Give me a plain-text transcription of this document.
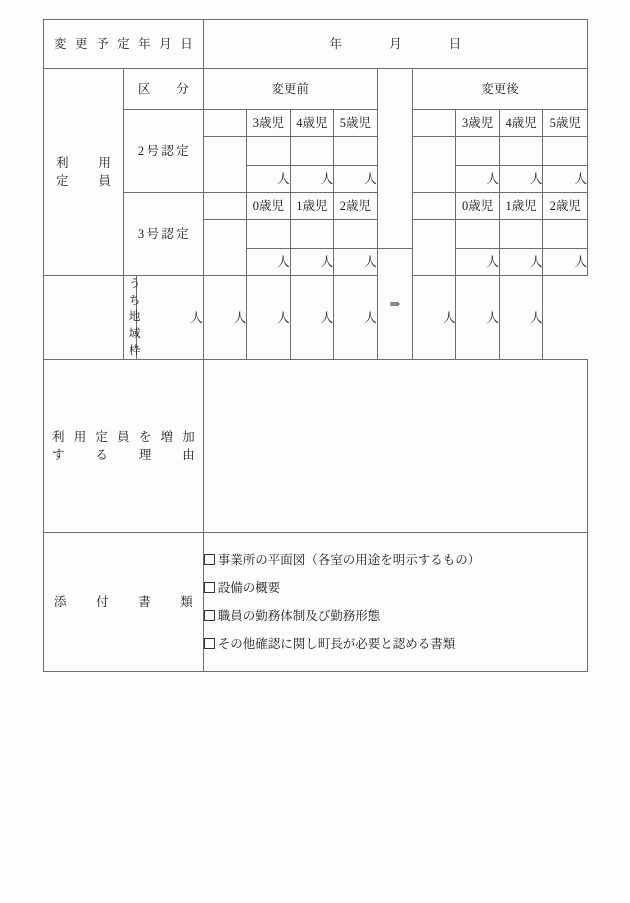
変更予定年月日			年 月 日								

利用
定員	区　分		変更前					変更後			

	2号認定			3歳児	4歳児	5歳児			3歳児	4歳児	5歳児

				人	人	人			人	人	人

	3号認定			0歳児	1歳児	2歳児			0歳児	1歳児	2歳児

				人	人	人	⇒		人	人	人
	うち地域枠	人	人	人	人	人		人	人	人	

利用定員を増加
する理由											

添付書類			事業所の平面図（各室の用途を明示するもの）
設備の概要
職員の勤務体制及び勤務形態
その他確認に関し町長が必要と認める書類								
